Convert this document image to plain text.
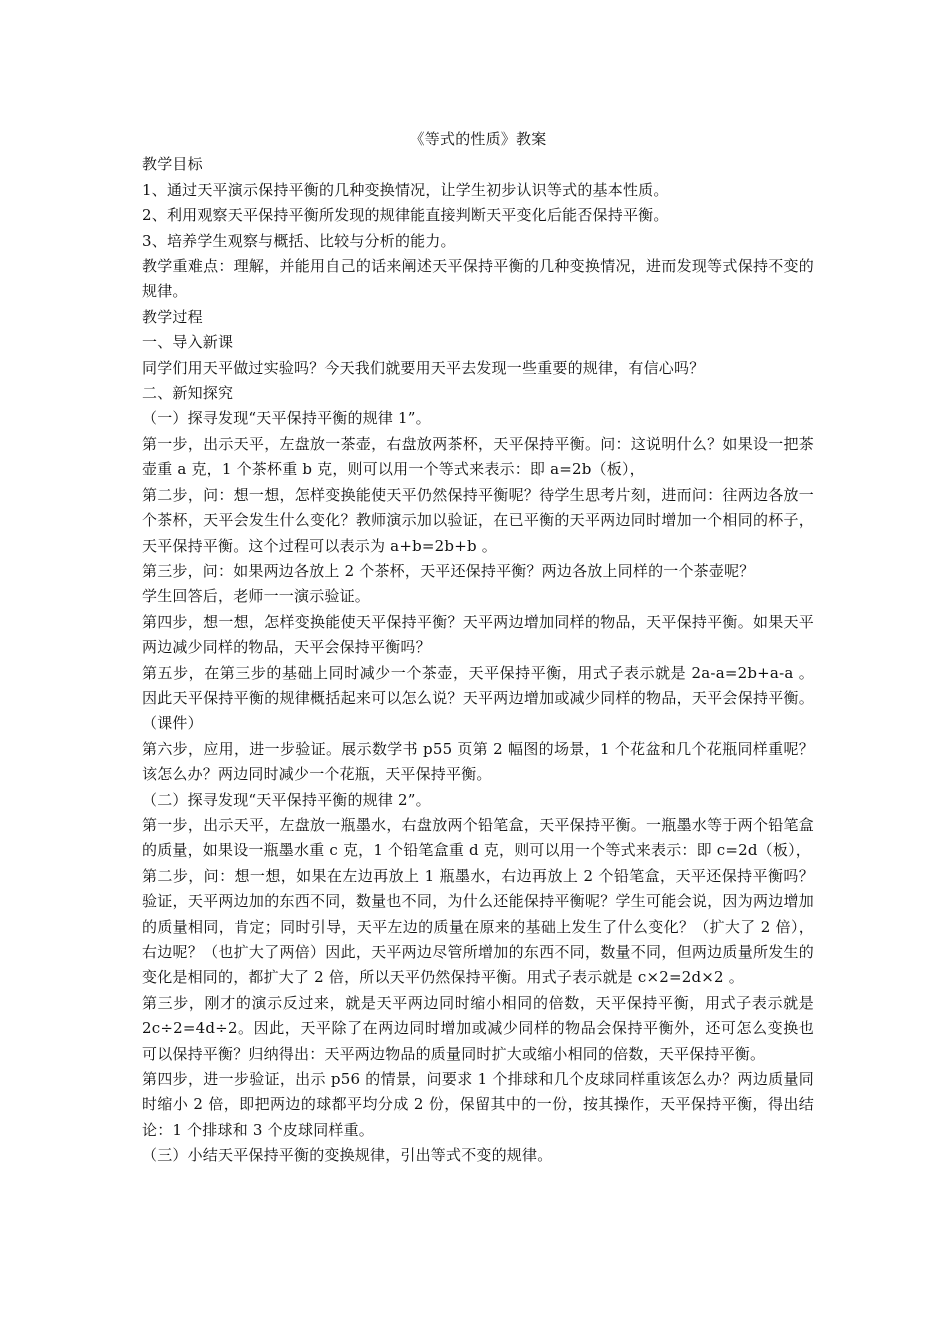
《等式的性质》教案

教学目标

1、通过天平演示保持平衡的几种变换情况，让学生初步认识等式的基本性质。

2、利用观察天平保持平衡所发现的规律能直接判断天平变化后能否保持平衡。

3、培养学生观察与概括、比较与分析的能力。

教学重难点：理解，并能用自己的话来阐述天平保持平衡的几种变换情况，进而发现等式保持不变的规律。

教学过程

一、导入新课

同学们用天平做过实验吗？今天我们就要用天平去发现一些重要的规律，有信心吗？

二、新知探究

（一）探寻发现“天平保持平衡的规律 1”。

第一步，出示天平，左盘放一茶壶，右盘放两茶杯，天平保持平衡。问：这说明什么？如果设一把茶壶重 a 克，1 个茶杯重 b 克，则可以用一个等式来表示：即 a=2b（板），

第二步，问：想一想，怎样变换能使天平仍然保持平衡呢？待学生思考片刻，进而问：往两边各放一个茶杯，天平会发生什么变化？教师演示加以验证，在已平衡的天平两边同时增加一个相同的杯子，天平保持平衡。这个过程可以表示为 a+b=2b+b 。

第三步，问：如果两边各放上 2 个茶杯，天平还保持平衡？两边各放上同样的一个茶壶呢？

学生回答后，老师一一演示验证。

第四步，想一想，怎样变换能使天平保持平衡？天平两边增加同样的物品，天平保持平衡。如果天平两边减少同样的物品，天平会保持平衡吗？

第五步，在第三步的基础上同时减少一个茶壶，天平保持平衡，用式子表示就是 2a-a=2b+a-a 。因此天平保持平衡的规律概括起来可以怎么说？天平两边增加或减少同样的物品，天平会保持平衡。（课件）

第六步，应用，进一步验证。展示数学书 p55 页第 2 幅图的场景，1 个花盆和几个花瓶同样重呢？该怎么办？两边同时减少一个花瓶，天平保持平衡。

（二）探寻发现“天平保持平衡的规律 2”。

第一步，出示天平，左盘放一瓶墨水，右盘放两个铅笔盒，天平保持平衡。一瓶墨水等于两个铅笔盒的质量，如果设一瓶墨水重 c 克，1 个铅笔盒重 d 克，则可以用一个等式来表示：即 c=2d（板），

第二步，问：想一想，如果在左边再放上 1 瓶墨水，右边再放上 2 个铅笔盒，天平还保持平衡吗？验证，天平两边加的东西不同，数量也不同，为什么还能保持平衡呢？学生可能会说，因为两边增加的质量相同，肯定；同时引导，天平左边的质量在原来的基础上发生了什么变化？（扩大了 2 倍），右边呢？（也扩大了两倍）因此，天平两边尽管所增加的东西不同，数量不同，但两边质量所发生的变化是相同的，都扩大了 2 倍，所以天平仍然保持平衡。用式子表示就是 c×2=2d×2 。

第三步，刚才的演示反过来，就是天平两边同时缩小相同的倍数，天平保持平衡，用式子表示就是 2c÷2=4d÷2。因此，天平除了在两边同时增加或减少同样的物品会保持平衡外，还可怎么变换也可以保持平衡？归纳得出：天平两边物品的质量同时扩大或缩小相同的倍数，天平保持平衡。

第四步，进一步验证，出示 p56 的情景，问要求 1 个排球和几个皮球同样重该怎么办？两边质量同时缩小 2 倍，即把两边的球都平均分成 2 份，保留其中的一份，按其操作，天平保持平衡，得出结论：1 个排球和 3 个皮球同样重。

（三）小结天平保持平衡的变换规律，引出等式不变的规律。
